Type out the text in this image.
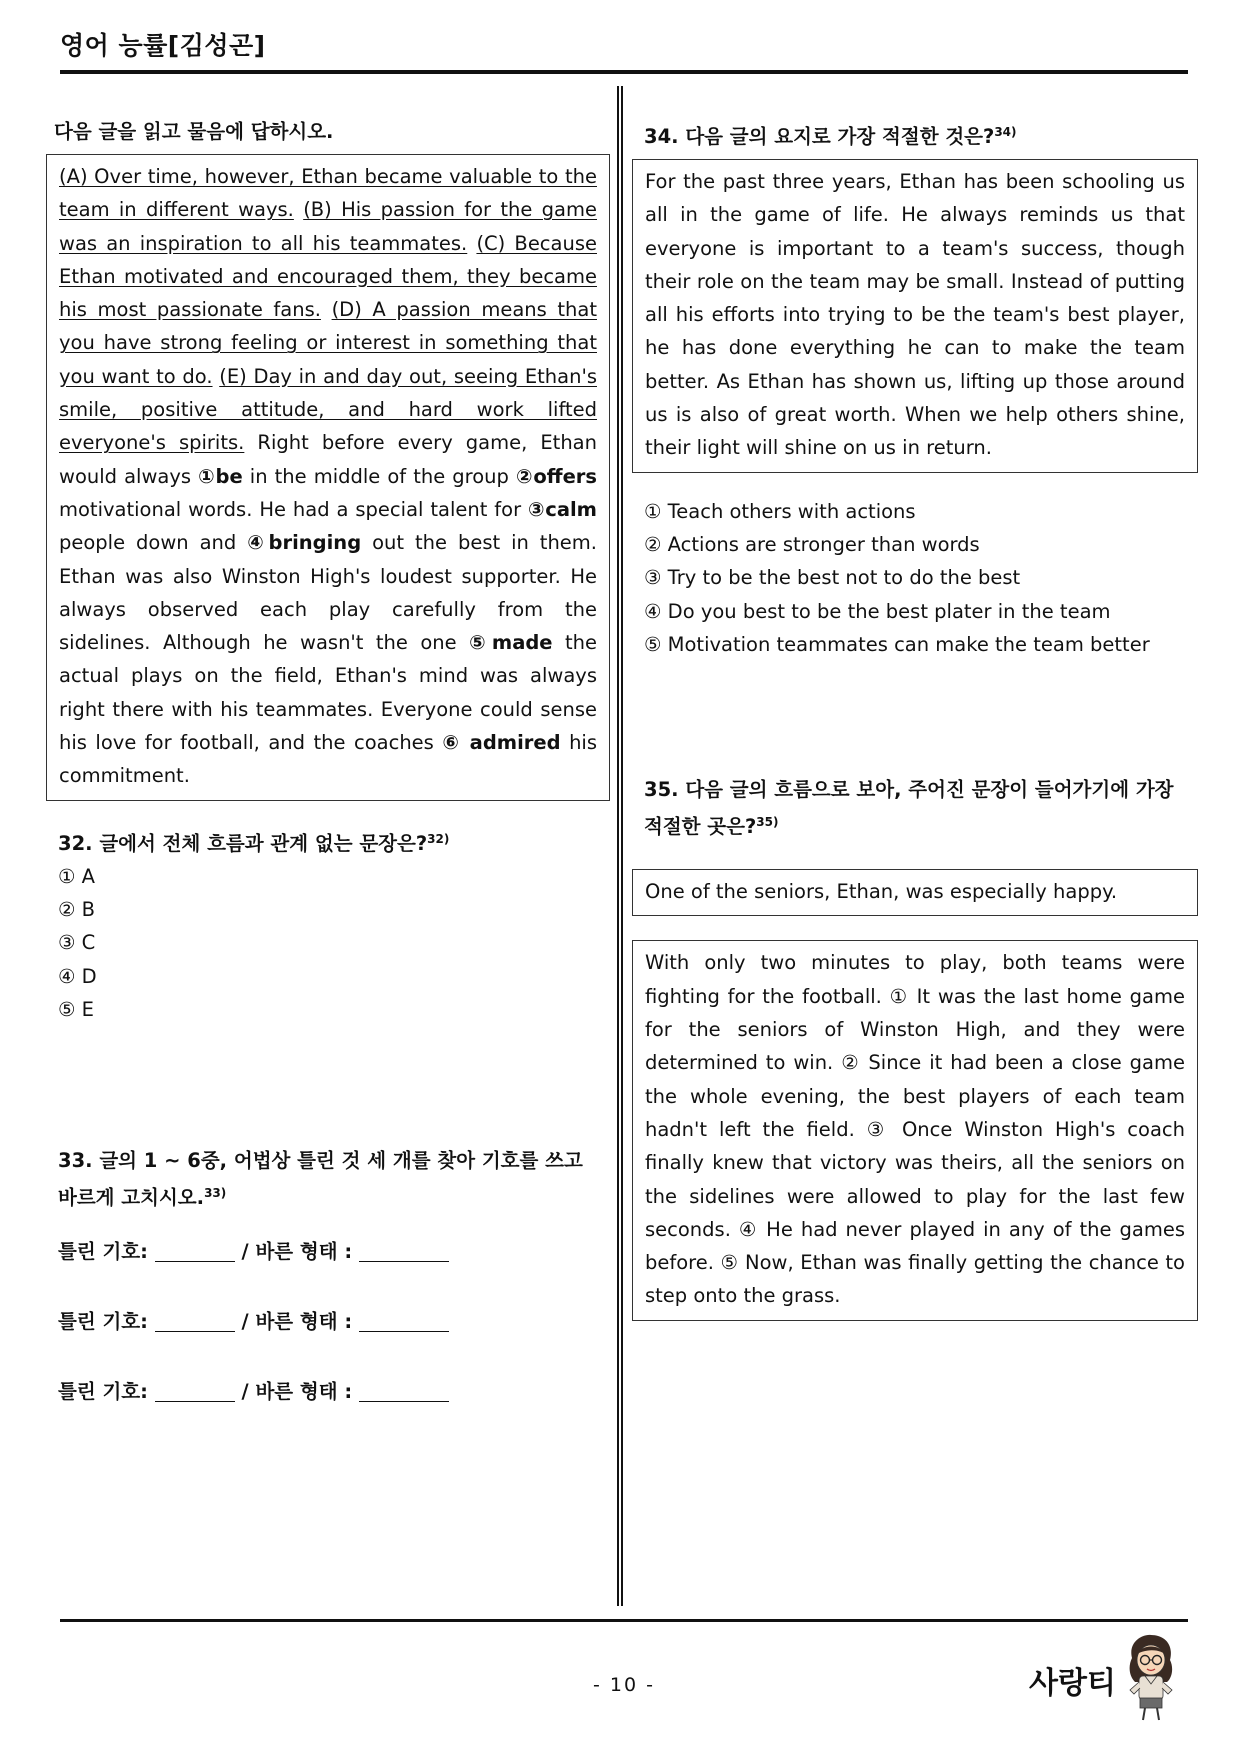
영어 능률[김성곤]
다음 글을 읽고 물음에 답하시오.
(A) Over time, however, Ethan became valuable to the team in different ways. (B) His passion for the game was an inspiration to all his teammates. (C) Because Ethan motivated and encouraged them, they became his most passionate fans. (D) A passion means that you have strong feeling or interest in something that you want to do. (E) Day in and day out, seeing Ethan's smile, positive attitude, and hard work lifted everyone's spirits. Right before every game, Ethan would always ①be in the middle of the group ②offers motivational words. He had a special talent for ③calm people down and ④bringing out the best in them. Ethan was also Winston High's loudest supporter. He always observed each play carefully from the sidelines. Although he wasn't the one ⑤made the actual plays on the field, Ethan's mind was always right there with his teammates. Everyone could sense his love for football, and the coaches ⑥ admired his commitment.
32. 글에서 전체 흐름과 관계 없는 문장은?$^{32)}$
① A
② B
③ C
④ D
⑤ E
33. 글의 1 ~ 6중, 어법상 틀린 것 세 개를 찾아 기호를 쓰고 바르게 고치시오.$^{33)}$
틀린 기호:	/ 바른 형태 :
틀린 기호:	/ 바른 형태 :
틀린 기호:	/ 바른 형태 :
34. 다음 글의 요지로 가장 적절한 것은?$^{34)}$
For the past three years, Ethan has been schooling us all in the game of life. He always reminds us that everyone is important to a team's success, though their role on the team may be small. Instead of putting all his efforts into trying to be the team's best player, he has done everything he can to make the team better. As Ethan has shown us, lifting up those around us is also of great worth. When we help others shine, their light will shine on us in return.
① Teach others with actions
② Actions are stronger than words
③ Try to be the best not to do the best
④ Do you best to be the best plater in the team
⑤ Motivation teammates can make the team better
35. 다음 글의 흐름으로 보아, 주어진 문장이 들어가기에 가장 적절한 곳은?$^{35)}$
One of the seniors, Ethan, was especially happy.
With only two minutes to play, both teams were fighting for the football. ① It was the last home game for the seniors of Winston High, and they were determined to win. ② Since it had been a close game the whole evening, the best players of each team hadn't left the field. ③ Once Winston High's coach finally knew that victory was theirs, all the seniors on the sidelines were allowed to play for the last few seconds. ④ He had never played in any of the games before. ⑤ Now, Ethan was finally getting the chance to step onto the grass.
- 10 -	사랑티
